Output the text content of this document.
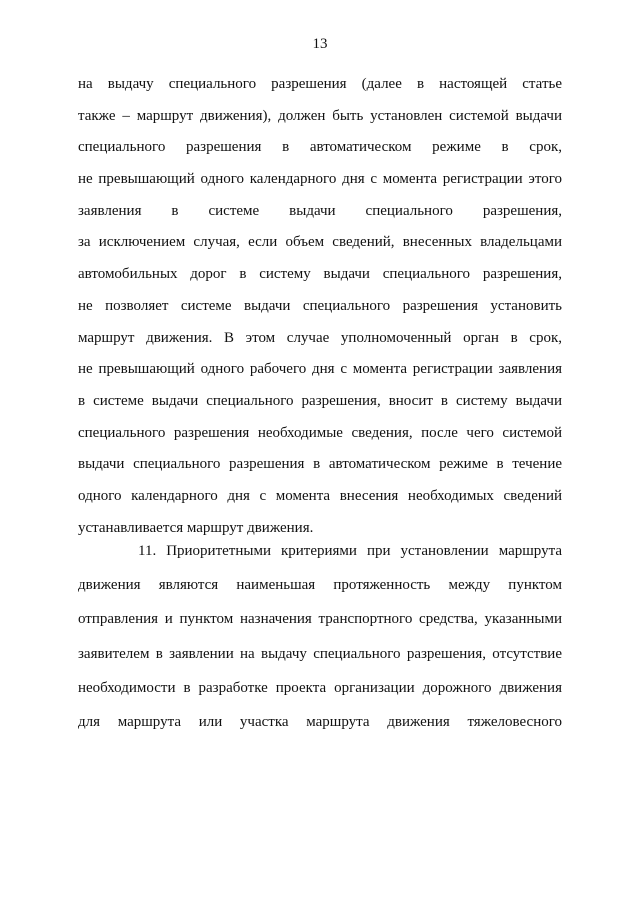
13
на выдачу специального разрешения (далее в настоящей статье
также – маршрут движения), должен быть установлен системой выдачи
специального разрешения в автоматическом режиме в срок,
не превышающий одного календарного дня с момента регистрации этого
заявления в системе выдачи специального разрешения,
за исключением случая, если объем сведений, внесенных владельцами
автомобильных дорог в систему выдачи специального разрешения,
не позволяет системе выдачи специального разрешения установить
маршрут движения. В этом случае уполномоченный орган в срок,
не превышающий одного рабочего дня с момента регистрации заявления
в системе выдачи специального разрешения, вносит в систему выдачи
специального разрешения необходимые сведения, после чего системой
выдачи специального разрешения в автоматическом режиме в течение
одного календарного дня с момента внесения необходимых сведений
устанавливается маршрут движения.
11. Приоритетными критериями при установлении маршрута
движения являются наименьшая протяженность между пунктом
отправления и пунктом назначения транспортного средства, указанными
заявителем в заявлении на выдачу специального разрешения, отсутствие
необходимости в разработке проекта организации дорожного движения
для маршрута или участка маршрута движения тяжеловесного
